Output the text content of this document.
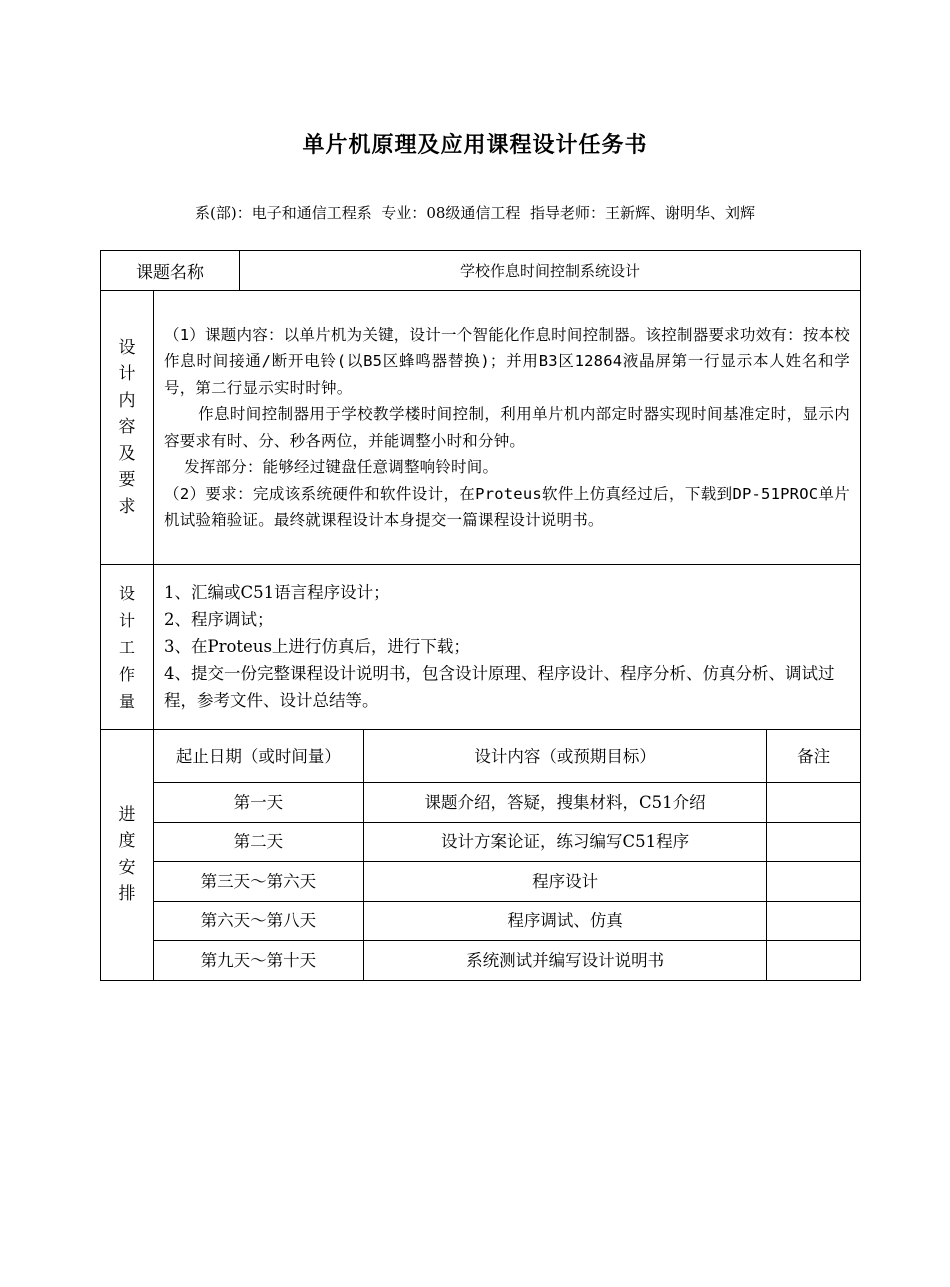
单片机原理及应用课程设计任务书
系(部)：电子和通信工程系 专业：08级通信工程 指导老师：王新辉、谢明华、刘辉
课题名称	学校作息时间控制系统设计

设
计
内
容
及
要
求

（1）课题内容：以单片机为关键，设计一个智能化作息时间控制器。该控制器要求功效有：按本校作息时间接通/断开电铃(以B5区蜂鸣器替换)；并用B3区12864液晶屏第一行显示本人姓名和学号，第二行显示实时时钟。

作息时间控制器用于学校教学楼时间控制，利用单片机内部定时器实现时间基准定时，显示内容要求有时、分、秒各两位，并能调整小时和分钟。

发挥部分：能够经过键盘任意调整响铃时间。

（2）要求：完成该系统硬件和软件设计，在Proteus软件上仿真经过后，下载到DP-51PROC单片机试验箱验证。最终就课程设计本身提交一篇课程设计说明书。

设
计
工
作
量

1、汇编或C51语言程序设计；

2、程序调试；

3、在Proteus上进行仿真后，进行下载；

4、提交一份完整课程设计说明书，包含设计原理、程序设计、程序分析、仿真分析、调试过程，参考文件、设计总结等。

进
度
安
排

起止日期（或时间量）	设计内容（或预期目标）	备注
第一天	课题介绍，答疑，搜集材料，C51介绍	
第二天	设计方案论证，练习编写C51程序	
第三天～第六天	程序设计	
第六天～第八天	程序调试、仿真	
第九天～第十天	系统测试并编写设计说明书	
